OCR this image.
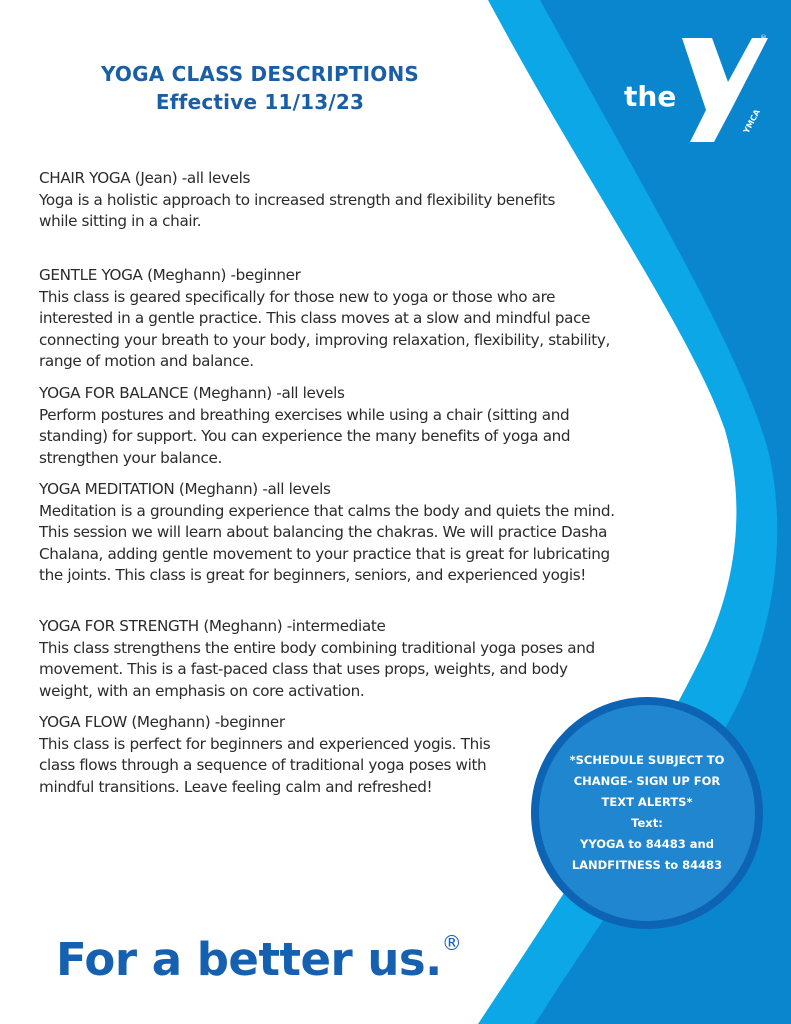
YOGA CLASS DESCRIPTIONS
Effective 11/13/23	the
YMCA
®
CHAIR YOGA (Jean) -all levels
Yoga is a holistic approach to increased strength and flexibility benefits
while sitting in a chair.
GENTLE YOGA (Meghann) -beginner
This class is geared specifically for those new to yoga or those who are
interested in a gentle practice. This class moves at a slow and mindful pace
connecting your breath to your body, improving relaxation, flexibility, stability,
range of motion and balance.
YOGA FOR BALANCE (Meghann) -all levels
Perform postures and breathing exercises while using a chair (sitting and
standing) for support. You can experience the many benefits of yoga and
strengthen your balance.
YOGA MEDITATION (Meghann) -all levels
Meditation is a grounding experience that calms the body and quiets the mind.
This session we will learn about balancing the chakras. We will practice Dasha
Chalana, adding gentle movement to your practice that is great for lubricating
the joints. This class is great for beginners, seniors, and experienced yogis!
YOGA FOR STRENGTH (Meghann) -intermediate
This class strengthens the entire body combining traditional yoga poses and
movement. This is a fast-paced class that uses props, weights, and body
weight, with an emphasis on core activation.
YOGA FLOW (Meghann) -beginner
This class is perfect for beginners and experienced yogis. This
class flows through a sequence of traditional yoga poses with
mindful transitions. Leave feeling calm and refreshed!
*SCHEDULE SUBJECT TO
CHANGE- SIGN UP FOR
TEXT ALERTS*
Text:
YYOGA to 84483 and
LANDFITNESS to 84483
For a better us.®
